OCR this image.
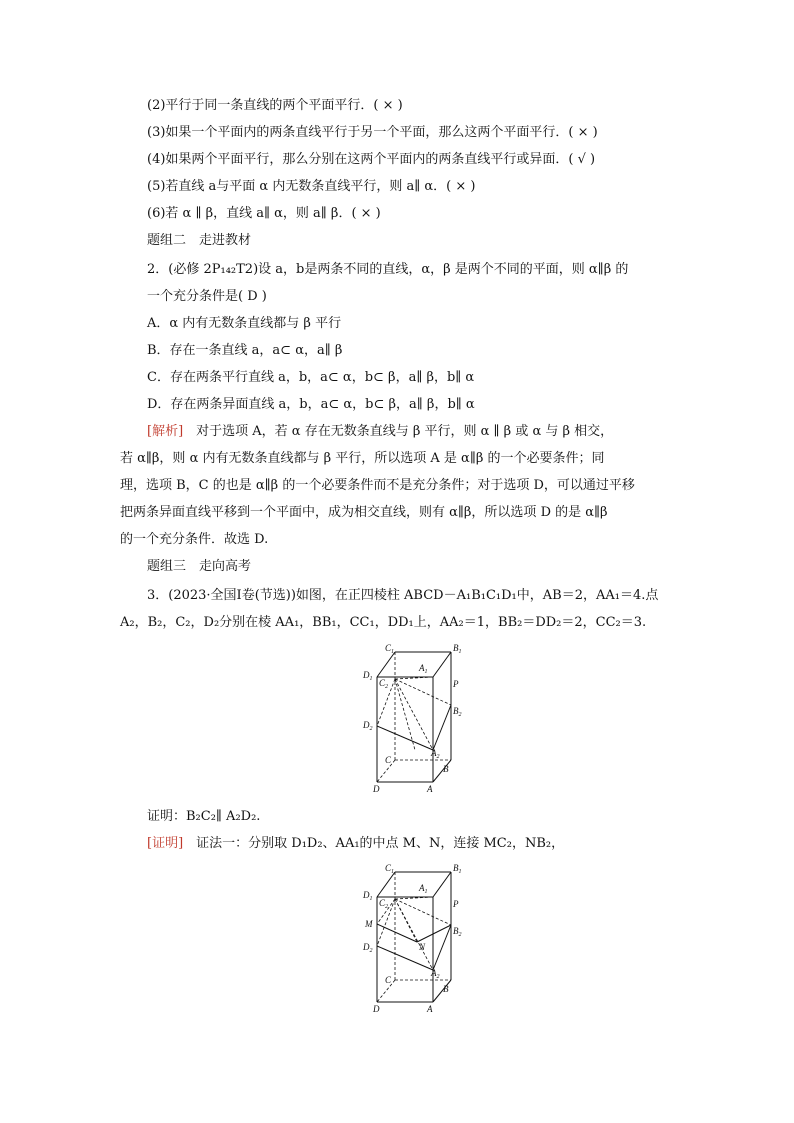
(2)平行于同一条直线的两个平面平行．( × )
(3)如果一个平面内的两条直线平行于另一个平面，那么这两个平面平行．( × )
(4)如果两个平面平行，那么分别在这两个平面内的两条直线平行或异面．( √ )
(5)若直线 a与平面 α 内无数条直线平行，则 a∥ α．( × )
(6)若 α ∥ β，直线 a∥ α，则 a∥ β．( × )
题组二　走进教材
2．(必修 2P₁₄₂T2)设 a，b是两条不同的直线，α，β 是两个不同的平面，则 α∥β 的
一个充分条件是( D )
A．α 内有无数条直线都与 β 平行
B．存在一条直线 a，a⊂ α，a∥ β
C．存在两条平行直线 a，b，a⊂ α，b⊂ β，a∥ β，b∥ α
D．存在两条异面直线 a，b，a⊂ α，b⊂ β，a∥ β，b∥ α
[解析]　对于选项 A，若 α 存在无数条直线与 β 平行，则 α ∥ β 或 α 与 β 相交，
若 α∥β，则 α 内有无数条直线都与 β 平行，所以选项 A 是 α∥β 的一个必要条件；同
理，选项 B，C 的也是 α∥β 的一个必要条件而不是充分条件；对于选项 D，可以通过平移
把两条异面直线平移到一个平面中，成为相交直线，则有 α∥β，所以选项 D 的是 α∥β
的一个充分条件．故选 D.
题组三　走向高考
3．(2023·全国Ⅰ卷(节选))如图，在正四棱柱 ABCD－A₁B₁C₁D₁中，AB＝2，AA₁＝4.点
A₂，B₂，C₂，D₂分别在棱 AA₁，BB₁，CC₁，DD₁上，AA₂＝1，BB₂＝DD₂＝2，CC₂＝3.
$C_1$
$A_1$
$B_1$
$D_1$ $C_2$	P
$B_2$
$D_2$
$A_2$
C
B
D	A
证明：B₂C₂∥ A₂D₂.
[证明]　证法一：分别取 D₁D₂、AA₁的中点 M、N，连接 MC₂，NB₂，
$C_1$
$A_1$
$B_1$
$D_1$ $C_2$	P
M
N
$B_2$
$D_2$
$A_2$
C
B
D	A
